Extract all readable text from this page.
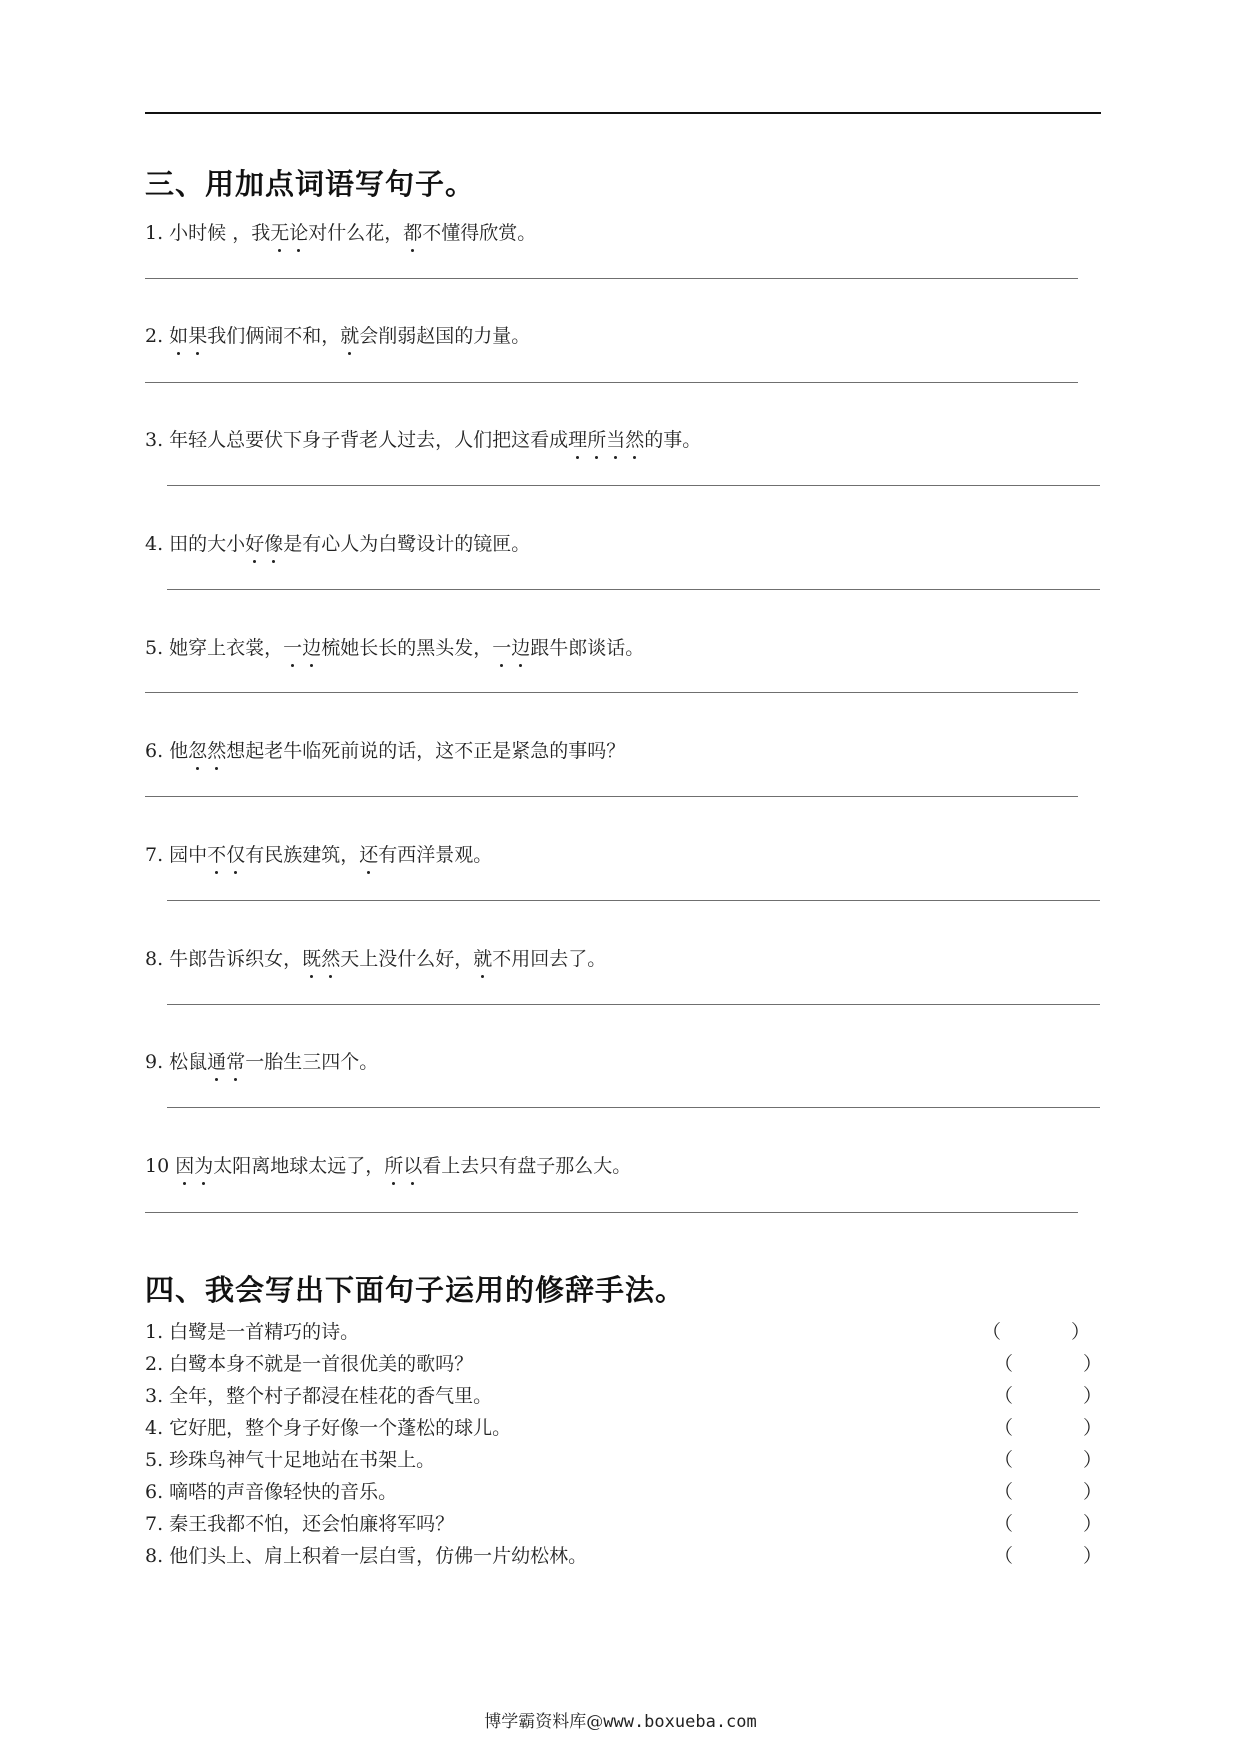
三、用加点词语写句子。
1. 小时候 ，我无论对什么花，都不懂得欣赏。
2. 如果我们俩闹不和，就会削弱赵国的力量。
3. 年轻人总要伏下身子背老人过去，人们把这看成理所当然的事。
4. 田的大小好像是有心人为白鹭设计的镜匣。
5. 她穿上衣裳，一边梳她长长的黑头发，一边跟牛郎谈话。
6. 他忽然想起老牛临死前说的话，这不正是紧急的事吗？
7. 园中不仅有民族建筑，还有西洋景观。
8. 牛郎告诉织女，既然天上没什么好，就不用回去了。
9. 松鼠通常一胎生三四个。
10 因为太阳离地球太远了，所以看上去只有盘子那么大。
四、我会写出下面句子运用的修辞手法。
1. 白鹭是一首精巧的诗。	（	）
2. 白鹭本身不就是一首很优美的歌吗？	（	）
3. 全年，整个村子都浸在桂花的香气里。	（	）
4. 它好肥，整个身子好像一个蓬松的球儿。	（	）
5. 珍珠鸟神气十足地站在书架上。	（	）
6. 嘀嗒的声音像轻快的音乐。	（	）
7. 秦王我都不怕，还会怕廉将军吗？	（	）
8. 他们头上、肩上积着一层白雪，仿佛一片幼松林。	（	）
博学霸资料库@www.boxueba.com
